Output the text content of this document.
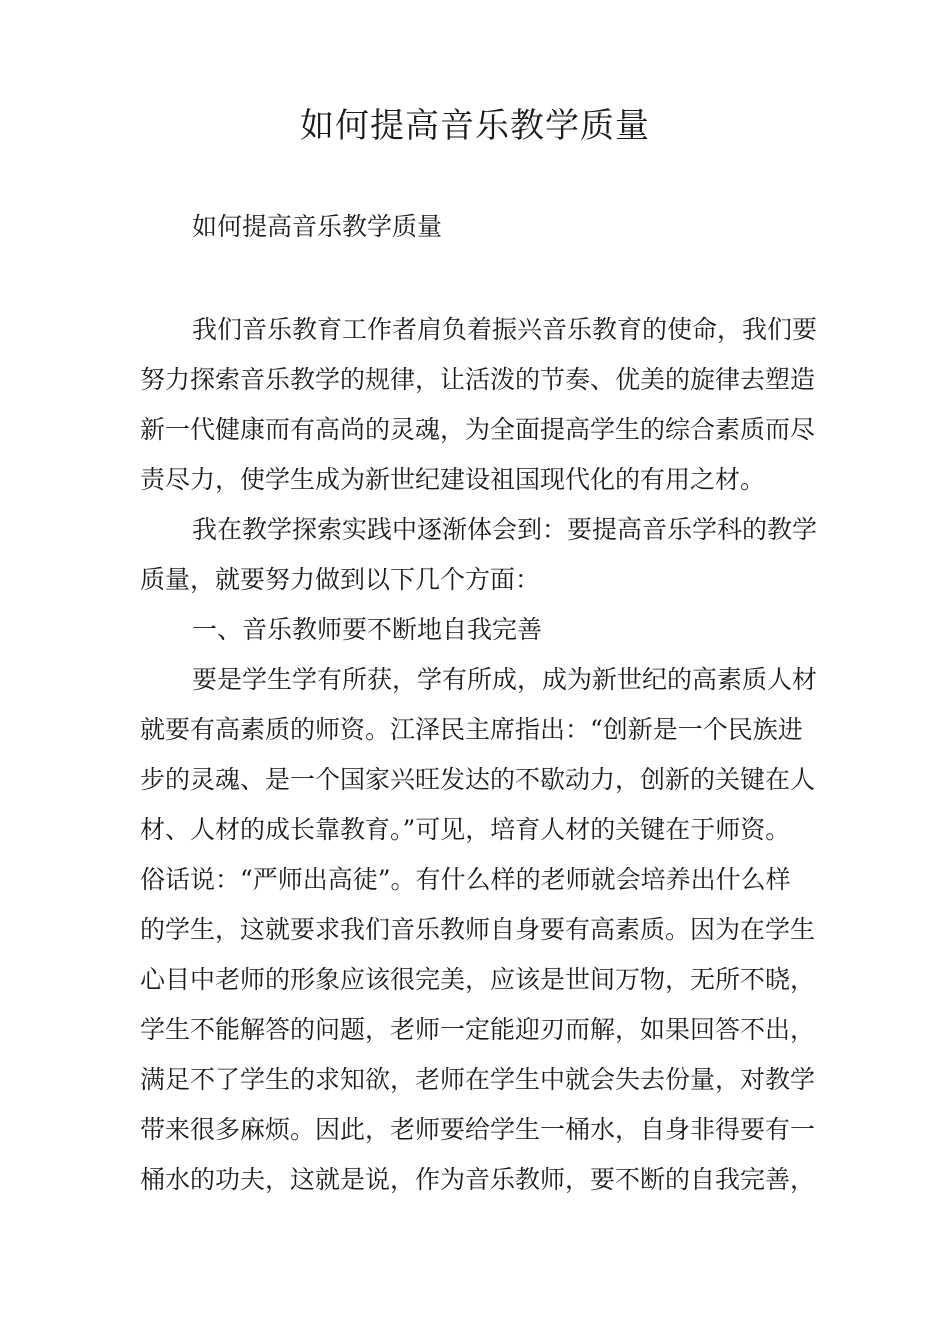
如何提高音乐教学质量

如何提高音乐教学质量

我们音乐教育工作者肩负着振兴音乐教育的使命，我们要
努力探索音乐教学的规律，让活泼的节奏、优美的旋律去塑造
新一代健康而有高尚的灵魂，为全面提高学生的综合素质而尽
责尽力，使学生成为新世纪建设祖国现代化的有用之材。

我在教学探索实践中逐渐体会到：要提高音乐学科的教学
质量，就要努力做到以下几个方面：

一、音乐教师要不断地自我完善

要是学生学有所获，学有所成，成为新世纪的高素质人材
就要有高素质的师资。江泽民主席指出：“创新是一个民族进
步的灵魂、是一个国家兴旺发达的不歇动力，创新的关键在人
材、人材的成长靠教育。”可见，培育人材的关键在于师资。
俗话说：“严师出高徒”。有什么样的老师就会培养出什么样
的学生，这就要求我们音乐教师自身要有高素质。因为在学生
心目中老师的形象应该很完美，应该是世间万物，无所不晓，
学生不能解答的问题，老师一定能迎刃而解，如果回答不出，
满足不了学生的求知欲，老师在学生中就会失去份量，对教学
带来很多麻烦。因此，老师要给学生一桶水，自身非得要有一
桶水的功夫，这就是说，作为音乐教师，要不断的自我完善，
